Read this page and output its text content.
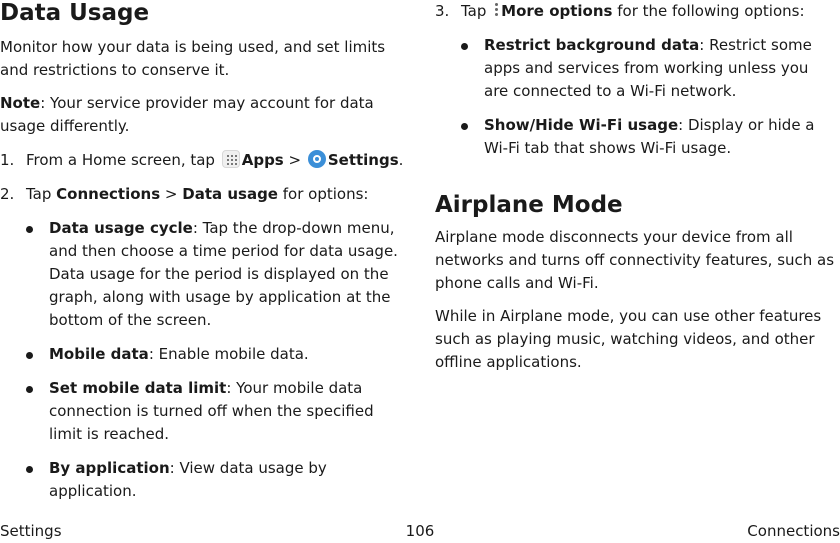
Data Usage

Monitor how your data is being used, and set limits and restrictions to conserve it.

Note: Your service provider may account for data usage differently.

1. From a Home screen, tap Apps > Settings.

2. Tap Connections > Data usage for options:

Data usage cycle: Tap the drop-down menu, and then choose a time period for data usage. Data usage for the period is displayed on the graph, along with usage by application at the bottom of the screen.
Mobile data: Enable mobile data.
Set mobile data limit: Your mobile data connection is turned off when the specified limit is reached.
By application: View data usage by application.

3. Tap More options for the following options:

Restrict background data: Restrict some apps and services from working unless you are connected to a Wi-Fi network.
Show/Hide Wi-Fi usage: Display or hide a Wi-Fi tab that shows Wi-Fi usage.
Airplane Mode

Airplane mode disconnects your device from all networks and turns off connectivity features, such as phone calls and Wi-Fi.

While in Airplane mode, you can use other features such as playing music, watching videos, and other offline applications.

Settings	106	Connections
